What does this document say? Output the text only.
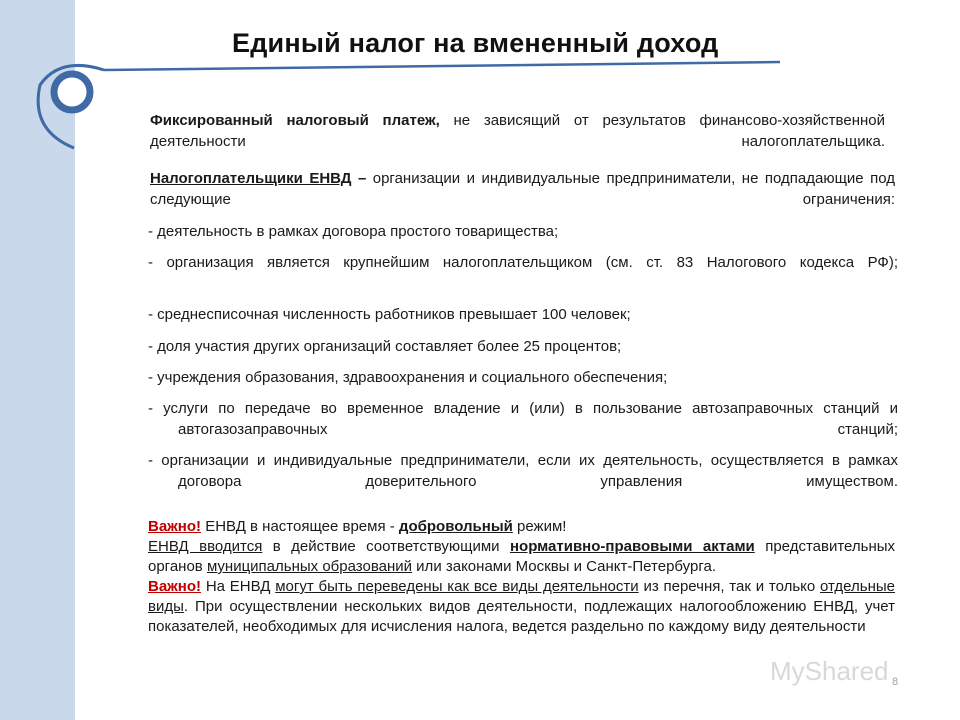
Единый налог на вмененный доход
Фиксированный налоговый платеж, не зависящий от результатов финансово-хозяйственной деятельности налогоплательщика.
Налогоплательщики ЕНВД – организации и индивидуальные предприниматели, не подпадающие под следующие ограничения:
- деятельность в рамках договора простого товарищества;
- организация является крупнейшим налогоплательщиком (см. ст. 83 Налогового кодекса РФ);
- среднесписочная численность работников превышает 100 человек;
- доля участия других организаций составляет более 25 процентов;
- учреждения образования, здравоохранения и социального обеспечения;
- услуги по передаче во временное владение и (или) в пользование автозаправочных станций и автогазозаправочных станций;
- организации и индивидуальные предприниматели, если их деятельность, осуществляется в рамках договора доверительного управления имуществом.
Важно! ЕНВД в настоящее время - добровольный режим!
ЕНВД вводится в действие соответствующими нормативно-правовыми актами представительных органов муниципальных образований или законами Москвы и Санкт-Петербурга.
Важно! На ЕНВД могут быть переведены как все виды деятельности из перечня, так и только отдельные виды. При осуществлении нескольких видов деятельности, подлежащих налогообложению ЕНВД, учет показателей, необходимых для исчисления налога, ведется раздельно по каждому виду деятельности
MyShared 8
